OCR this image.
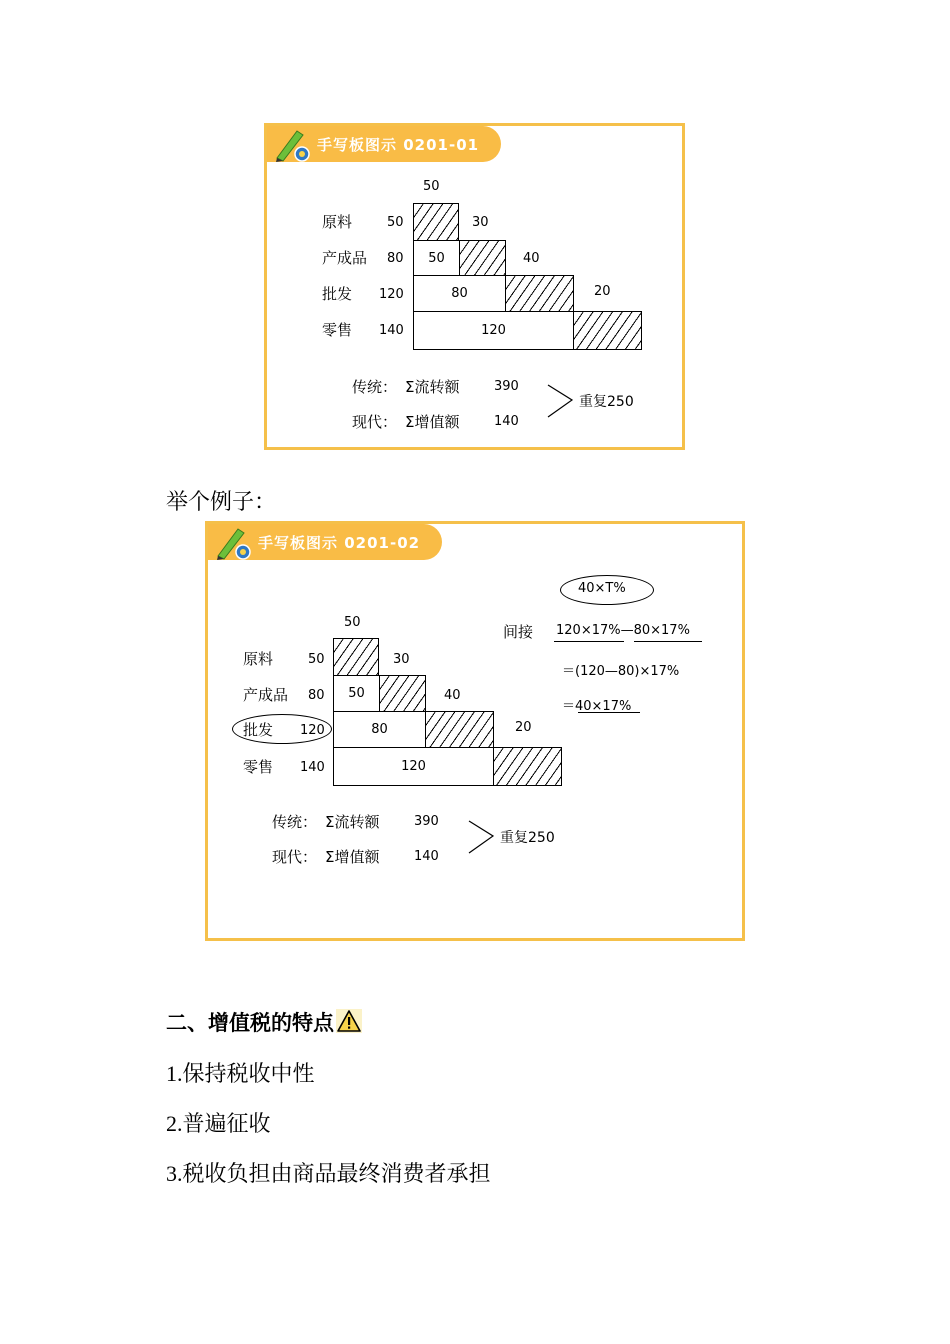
手写板图示 0201-01
50
原料	50
产成品 80
批发 120
零售 140
30
50	40
80	20
120
传统： Σ流转额	390
现代： Σ增值额	140
重复250
举个例子：
手写板图示 0201-02
40×T%
间接 120×17%—80×17%
＝(120—80)×17%
＝40×17%
50
原料	50
产成品 80
批发 120
零售 140
30
50	40
80	20
120
传统： Σ流转额	390
现代： Σ增值额	140
重复250
二、增值税的特点
1.保持税收中性
2.普遍征收
3.税收负担由商品最终消费者承担
